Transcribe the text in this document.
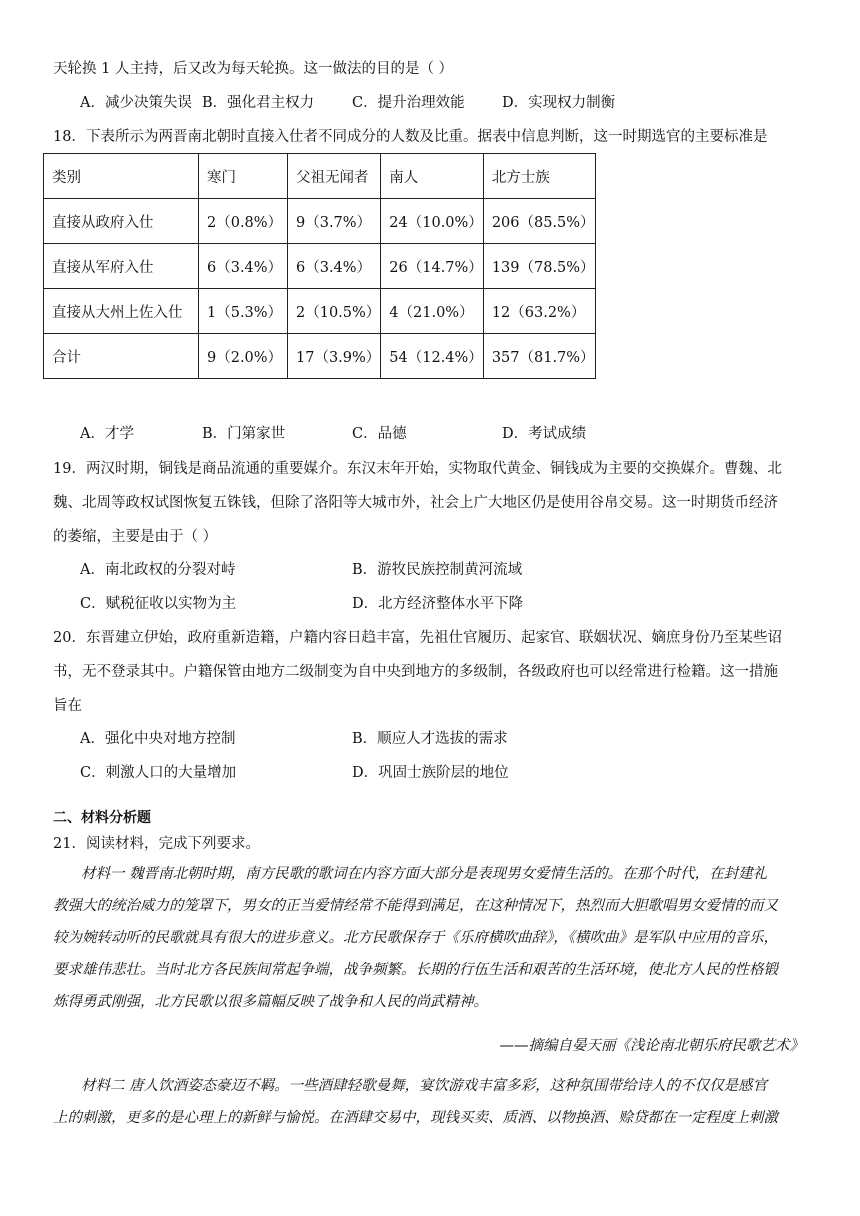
天轮换 1 人主持，后又改为每天轮换。这一做法的目的是（ ）
A．减少决策失误 B．强化君主权力	C．提升治理效能	D．实现权力制衡
18．下表所示为两晋南北朝时直接入仕者不同成分的人数及比重。据表中信息判断，这一时期选官的主要标准是
类别	寒门	父祖无闻者	南人	北方士族
直接从政府入仕	2（0.8%）	9（3.7%）	24（10.0%）	206（85.5%）
直接从军府入仕	6（3.4%）	6（3.4%）	26（14.7%）	139（78.5%）
直接从大州上佐入仕	1（5.3%）	2（10.5%）	4（21.0%）	12（63.2%）
合计	9（2.0%）	17（3.9%）	54（12.4%）	357（81.7%）
A．才学	B．门第家世	C．品德	D．考试成绩
19．两汉时期，铜钱是商品流通的重要媒介。东汉末年开始，实物取代黄金、铜钱成为主要的交换媒介。曹魏、北
魏、北周等政权试图恢复五铢钱，但除了洛阳等大城市外，社会上广大地区仍是使用谷帛交易。这一时期货币经济
的萎缩，主要是由于（ ）
A．南北政权的分裂对峙	B．游牧民族控制黄河流域
C．赋税征收以实物为主	D．北方经济整体水平下降
20．东晋建立伊始，政府重新造籍，户籍内容日趋丰富，先祖仕官履历、起家官、联姻状况、嫡庶身份乃至某些诏
书，无不登录其中。户籍保管由地方二级制变为自中央到地方的多级制，各级政府也可以经常进行检籍。这一措施
旨在
A．强化中央对地方控制	B．顺应人才选拔的需求
C．刺激人口的大量增加	D．巩固士族阶层的地位
二、材料分析题
21．阅读材料，完成下列要求。
材料一 魏晋南北朝时期，南方民歌的歌词在内容方面大部分是表现男女爱情生活的。在那个时代，在封建礼
教强大的统治威力的笼罩下，男女的正当爱情经常不能得到满足，在这种情况下，热烈而大胆歌唱男女爱情的而又
较为婉转动听的民歌就具有很大的进步意义。北方民歌保存于《乐府横吹曲辞》，《横吹曲》是军队中应用的音乐，
要求雄伟悲壮。当时北方各民族间常起争端，战争频繁。长期的行伍生活和艰苦的生活环境，使北方人民的性格锻
炼得勇武刚强，北方民歌以很多篇幅反映了战争和人民的尚武精神。
——摘编自晏天丽《浅论南北朝乐府民歌艺术》
材料二 唐人饮酒姿态豪迈不羁。一些酒肆轻歌曼舞，宴饮游戏丰富多彩，这种氛围带给诗人的不仅仅是感官
上的刺激，更多的是心理上的新鲜与愉悦。在酒肆交易中，现钱买卖、质酒、以物换酒、赊贷都在一定程度上刺激
